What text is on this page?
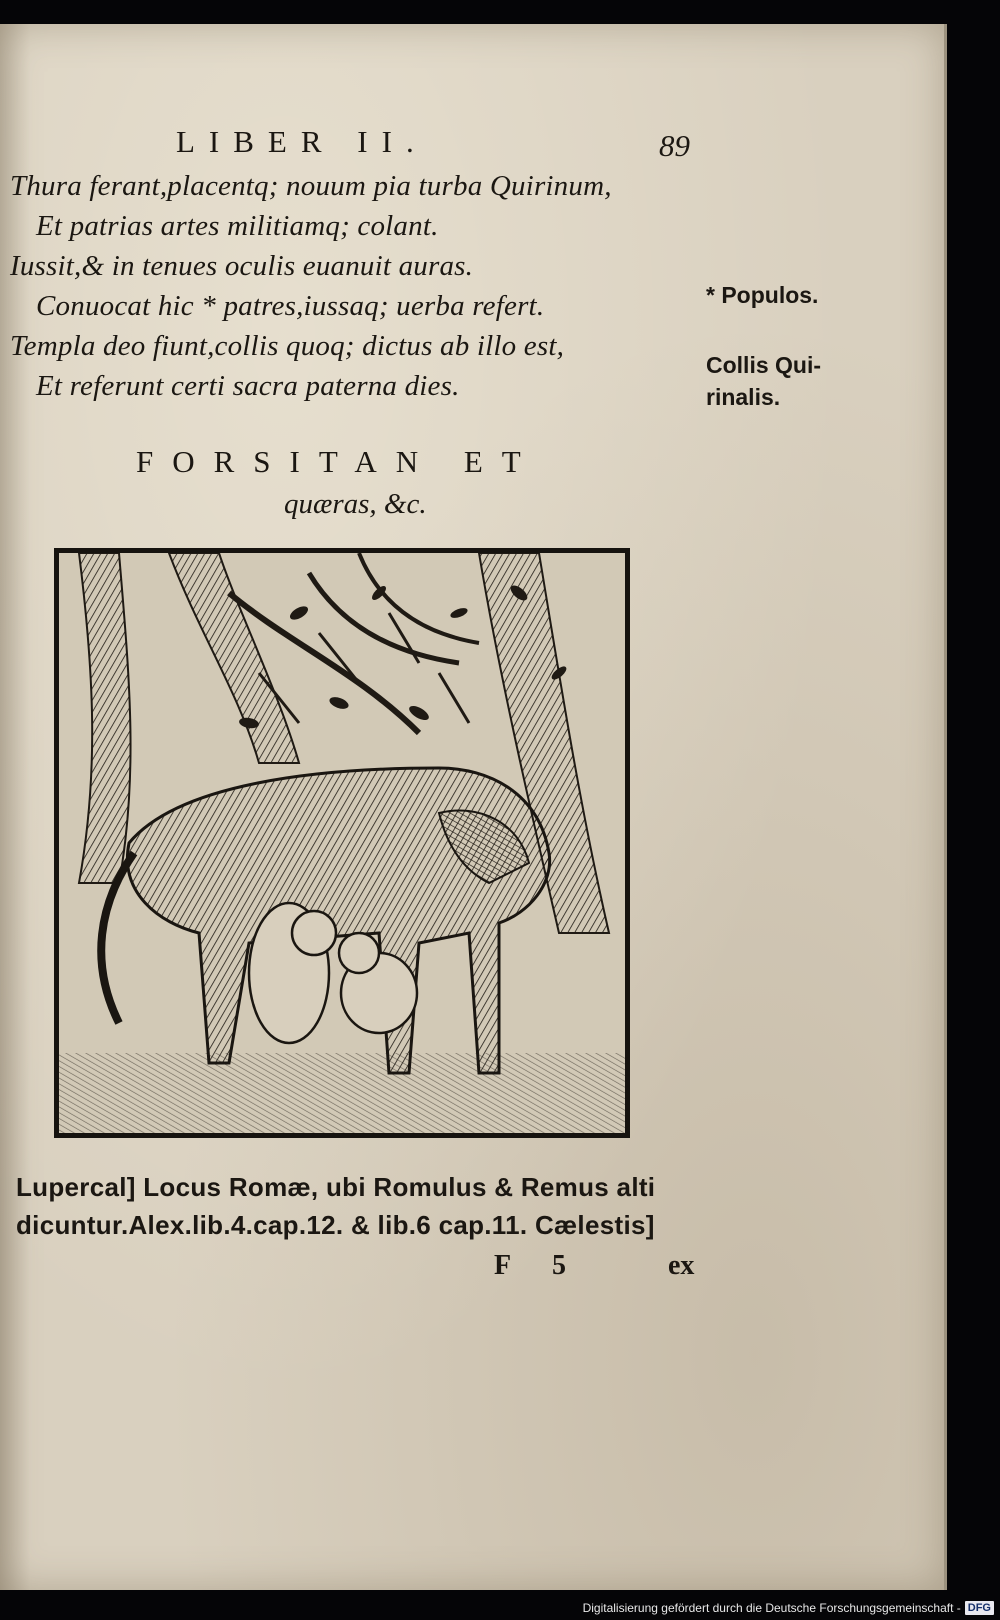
LIBER II.	89
Thura ferant,placentq; nouum pia turba Quirinum,
Et patrias artes militiamq; colant.
Iussit,& in tenues oculis euanuit auras.
Conuocat hic * patres,iussaq; uerba refert.
Templa deo fiunt,collis quoq; dictus ab illo est,
Et referunt certi sacra paterna dies.
* Populos.
Collis Qui-
rinalis.
FORSITAN ET
quæras, &c.
Lupercal] Locus Romæ, ubi Romulus & Remus alti
dicuntur.Alex.lib.4.cap.12. & lib.6 cap.11. Cælestis]
F 5	ex
Digitalisierung gefördert durch die Deutsche Forschungsgemeinschaft - DFG
